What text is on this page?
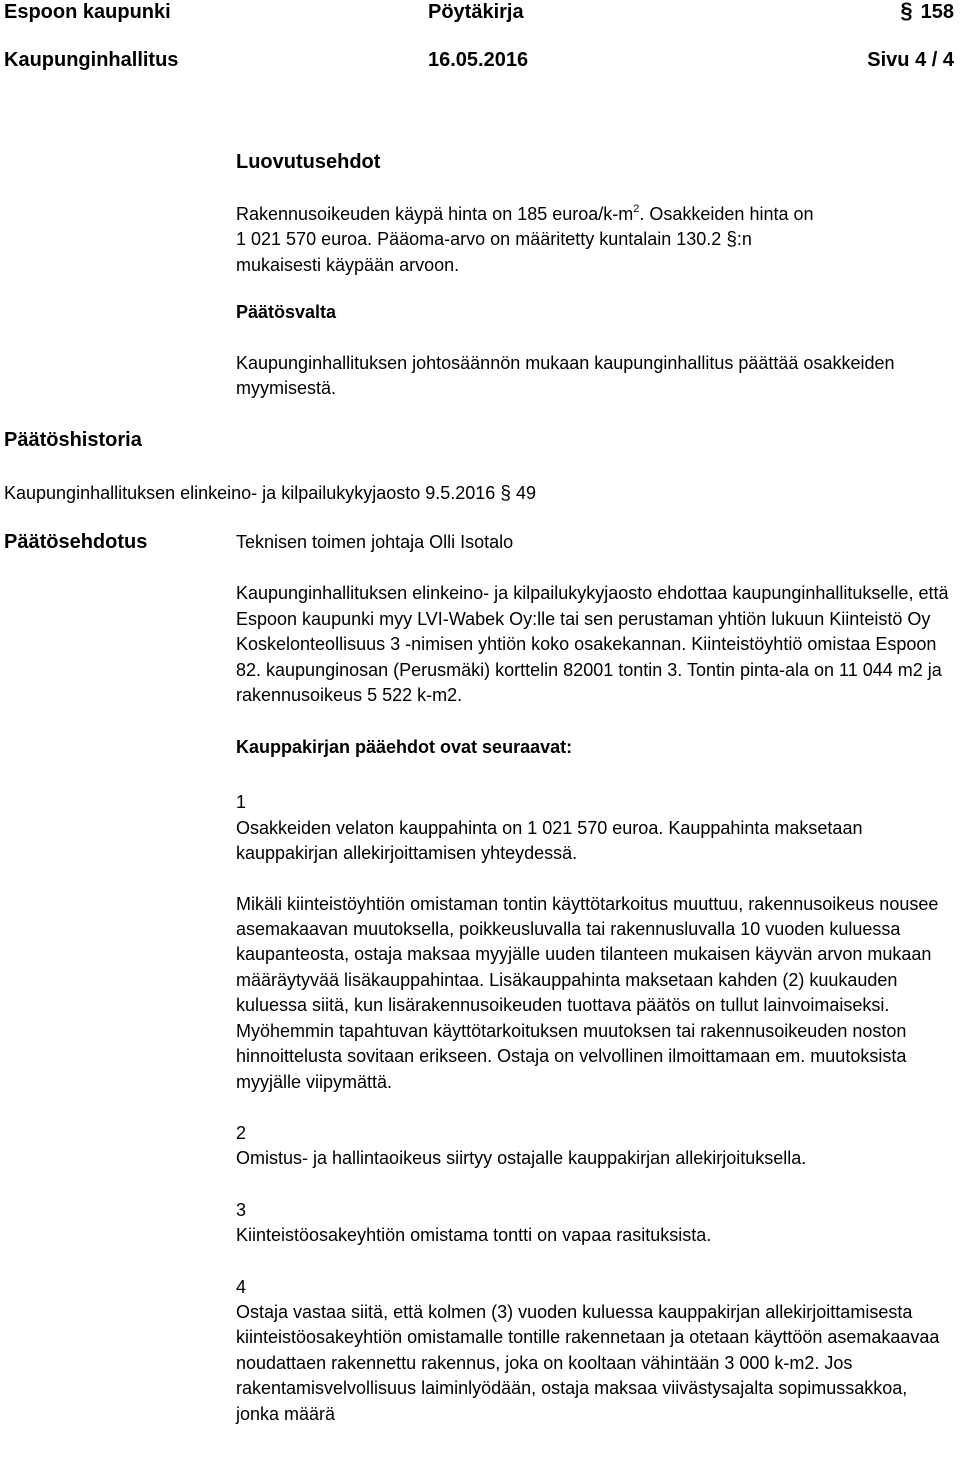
Espoon kaupunki	Pöytäkirja	§ 158
Kaupunginhallitus	16.05.2016	Sivu 4 / 4
Luovutusehdot
Rakennusoikeuden käypä hinta on 185 euroa/$k-m^2$. Osakkeiden hinta on
1 021 570 euroa. Pääoma-arvo on määritetty kuntalain 130.2 §:n
mukaisesti käypään arvoon.
Päätösvalta
Kaupunginhallituksen johtosäännön mukaan kaupunginhallitus päättää osakkeiden myymisestä.
Päätöshistoria
Kaupunginhallituksen elinkeino- ja kilpailukykyjaosto 9.5.2016 § 49
Päätösehdotus	Teknisen toimen johtaja Olli Isotalo
Kaupunginhallituksen elinkeino- ja kilpailukykyjaosto ehdottaa kaupunginhallitukselle, että Espoon kaupunki myy LVI-Wabek Oy:lle tai sen perustaman yhtiön lukuun Kiinteistö Oy Koskelonteollisuus 3 -nimisen yhtiön koko osakekannan. Kiinteistöyhtiö omistaa Espoon 82. kaupunginosan (Perusmäki) korttelin 82001 tontin 3. Tontin pinta-ala on 11 044 m2 ja rakennusoikeus 5 522 k-m2.
Kauppakirjan pääehdot ovat seuraavat:
1
Osakkeiden velaton kauppahinta on 1 021 570 euroa. Kauppahinta maksetaan kauppakirjan allekirjoittamisen yhteydessä.
Mikäli kiinteistöyhtiön omistaman tontin käyttötarkoitus muuttuu, rakennusoikeus nousee asemakaavan muutoksella, poikkeusluvalla tai rakennusluvalla 10 vuoden kuluessa kaupanteosta, ostaja maksaa myyjälle uuden tilanteen mukaisen käyvän arvon mukaan määräytyvää lisäkauppahintaa. Lisäkauppahinta maksetaan kahden (2) kuukauden kuluessa siitä, kun lisärakennusoikeuden tuottava päätös on tullut lainvoimaiseksi. Myöhemmin tapahtuvan käyttötarkoituksen muutoksen tai rakennusoikeuden noston hinnoittelusta sovitaan erikseen. Ostaja on velvollinen ilmoittamaan em. muutoksista myyjälle viipymättä.
2
Omistus- ja hallintaoikeus siirtyy ostajalle kauppakirjan allekirjoituksella.
3
Kiinteistöosakeyhtiön omistama tontti on vapaa rasituksista.
4
Ostaja vastaa siitä, että kolmen (3) vuoden kuluessa kauppakirjan allekirjoittamisesta kiinteistöosakeyhtiön omistamalle tontille rakennetaan ja otetaan käyttöön asemakaavaa noudattaen rakennettu rakennus, joka on kooltaan vähintään 3 000 k-m2. Jos rakentamisvelvollisuus laiminlyödään, ostaja maksaa viivästysajalta sopimussakkoa, jonka määrä
